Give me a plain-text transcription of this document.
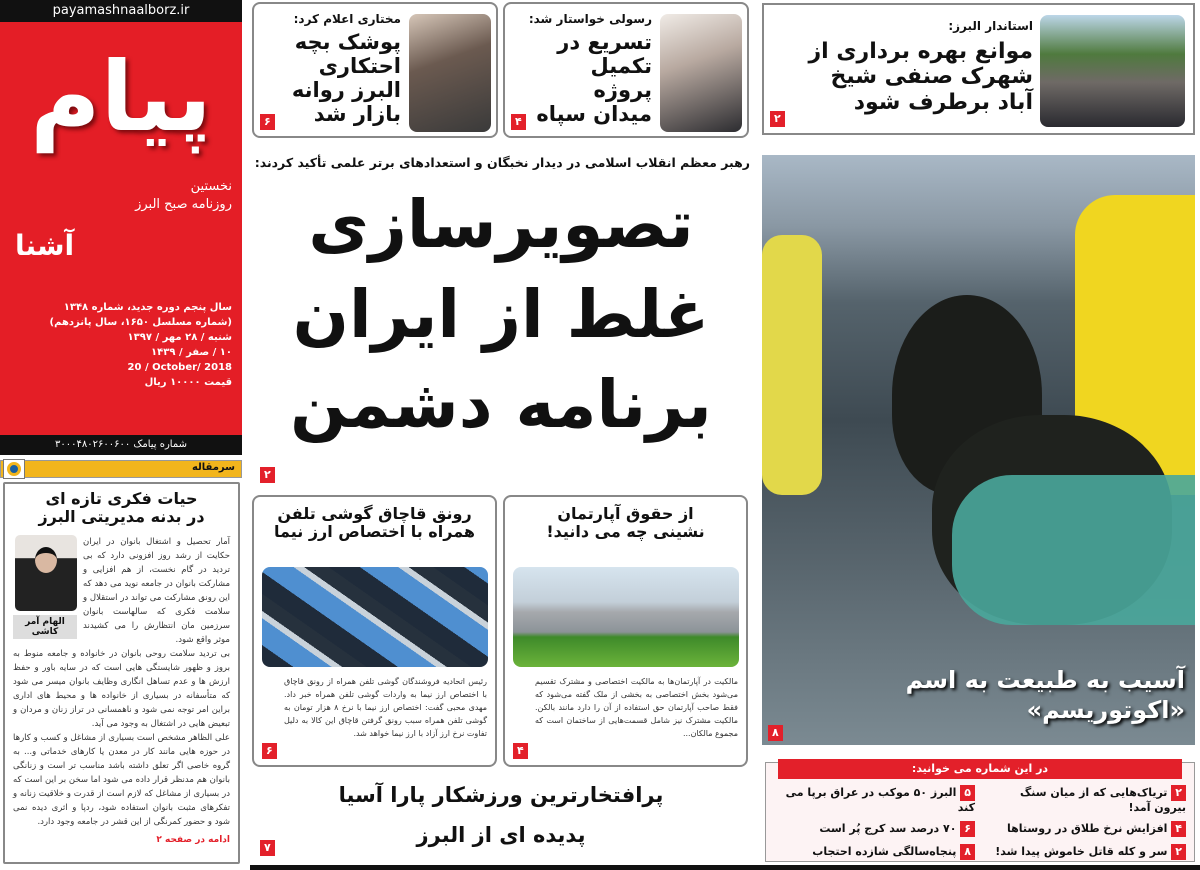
payamashnaalborz.ir
پیام
نخستین
روزنامه صبح البرز
آشنا
سال پنجم دوره جدید، شماره ۱۳۴۸
(شماره مسلسل ۱۶۵۰، سال پانزدهم)
شنبه / ۲۸ مهر / ۱۳۹۷
۱۰ / صفر / ۱۴۳۹
20 / October/ 2018
قیمت ۱۰۰۰۰ ریال
شماره پیامک ۳۰۰۰۴۸۰۲۶۰۰۶۰۰
سرمقاله
حیات فکری تازه ای
در بدنه مدیریتی البرز
الهام آمر کاشی

آمار تحصیل و اشتغال بانوان در ایران حکایت از رشد روز افزونی دارد که بی تردید در گام نخست، از هم افزایی و مشارکت بانوان در جامعه نوید می دهد که این رونق مشارکت می تواند در استقلال و سلامت فکری که سالهاست بانوان سرزمین مان انتظارش را می کشیدند موثر واقع شود.

بی تردید سلامت روحی بانوان در خانواده و جامعه منوط به بروز و ظهور شایستگی هایی است که در سایه باور و حفظ ارزش ها و عدم تساهل انگاری وظایف بانوان میسر می شود که متأسفانه در بسیاری از خانواده ها و محیط های اداری براین امر توجه نمی شود و ناهمسانی در تراز زنان و مردان و تبعیض هایی در اشتغال به وجود می آید.

علی الظاهر مشخص است بسیاری از مشاغل و کسب و کارها در حوزه هایی مانند کار در معدن یا کارهای خدماتی و... به گروه خاصی اگر تعلق داشته باشد مناسب تر است و زنانگی بانوان هم مدنظر قرار داده می شود اما سخن بر این است که در بسیاری از مشاغل که لازم است از قدرت و خلاقیت زنانه و تفکرهای مثبت بانوان استفاده شود، ردپا و اثری دیده نمی شود و حضور کمرنگی از این قشر در جامعه وجود دارد.

ادامه در صفحه ۲
مختاری اعلام کرد:
پوشک بچه احتکاری البرز روانه بازار شد
۶
رسولی خواستار شد:
تسریع در تکمیل پروژه میدان سپاه
۴
استاندار البرز:
موانع بهره برداری از شهرک صنفی شیخ آباد برطرف شود
۲
رهبر معظم انقلاب اسلامی در دیدار نخبگان و استعدادهای برتر علمی تأکید کردند:
تصویرسازی
غلط از ایران
برنامه دشمن
۲
آسیب به طبیعت به اسم «اکوتوریسم»
۸
از حقوق آپارتمان نشینی چه می دانید!
مالکیت در آپارتمان‌ها به مالکیت اختصاصی و مشترک تقسیم می‌شود بخش اختصاصی به بخشی از ملک گفته می‌شود که فقط صاحب آپارتمان حق استفاده از آن را دارد مانند بالکن. مالکیت مشترک نیز شامل قسمت‌هایی از ساختمان است که مجموع مالکان...
۴
رونق قاچاق گوشی تلفن همراه با اختصاص ارز نیما
رئیس اتحادیه فروشندگان گوشی تلفن همراه از رونق قاچاق با اختصاص ارز نیما به واردات گوشی تلفن همراه خبر داد. مهدی محبی گفت: اختصاص ارز نیما با نرخ ۸ هزار تومان به گوشی تلفن همراه سبب رونق گرفتن قاچاق این کالا به دلیل تفاوت نرخ ارز آزاد با ارز نیما خواهد شد.
۶
پرافتخارترین ورزشکار پارا آسیا
پدیده ای از البرز
۷
در این شماره می خوانید:
۲ تریاک‌هایی که از میان سنگ بیرون آمد!
۵ البرز ۵۰ موکب در عراق برپا می کند
۴ افزایش نرخ طلاق در روستاها
۶ ۷۰ درصد سد کرج پُر است
۲ سر و کله قاتل خاموش پیدا شد!
۸ پنجاه‌سالگی شازده احتجاب
